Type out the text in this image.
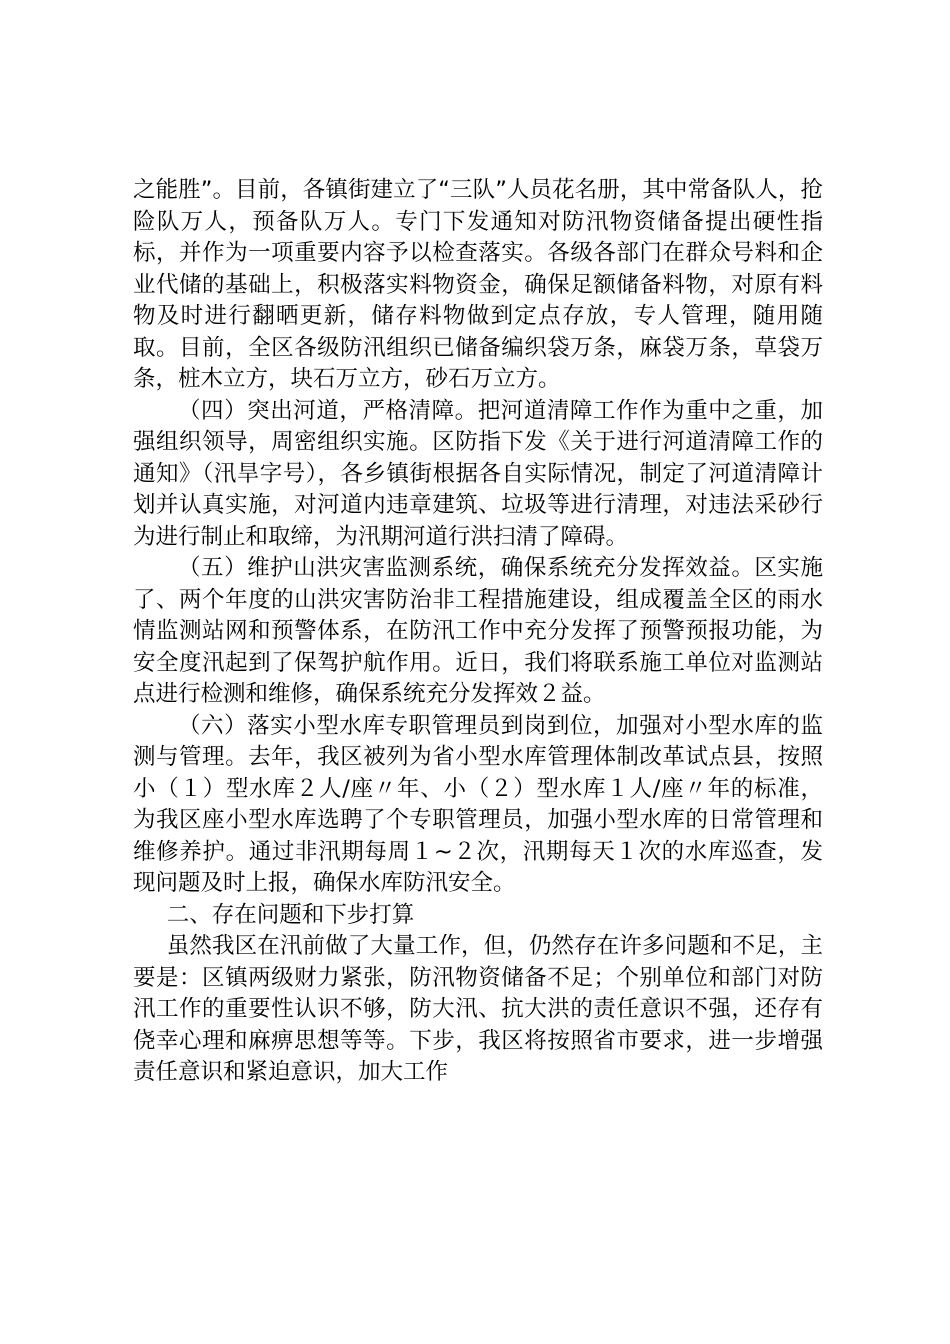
之能胜”。目前，各镇街建立了“三队”人员花名册，其中常备队人，抢险队万人，预备队万人。专门下发通知对防汛物资储备提出硬性指标，并作为一项重要内容予以检查落实。各级各部门在群众号料和企业代储的基础上，积极落实料物资金，确保足额储备料物，对原有料物及时进行翻晒更新，储存料物做到定点存放，专人管理，随用随取。目前，全区各级防汛组织已储备编织袋万条，麻袋万条，草袋万条，桩木立方，块石万立方，砂石万立方。

（四）突出河道，严格清障。把河道清障工作作为重中之重，加强组织领导，周密组织实施。区防指下发《关于进行河道清障工作的通知》（汛旱字号），各乡镇街根据各自实际情况，制定了河道清障计划并认真实施，对河道内违章建筑、垃圾等进行清理，对违法采砂行为进行制止和取缔，为汛期河道行洪扫清了障碍。

（五）维护山洪灾害监测系统，确保系统充分发挥效益。区实施了、两个年度的山洪灾害防治非工程措施建设，组成覆盖全区的雨水情监测站网和预警体系，在防汛工作中充分发挥了预警预报功能，为安全度汛起到了保驾护航作用。近日，我们将联系施工单位对监测站点进行检测和维修，确保系统充分发挥效２益。

（六）落实小型水库专职管理员到岗到位，加强对小型水库的监测与管理。去年，我区被列为省小型水库管理体制改革试点县，按照小（１）型水库２人/座〃年、小（２）型水库１人/座〃年的标准，为我区座小型水库选聘了个专职管理员，加强小型水库的日常管理和维修养护。通过非汛期每周１~２次，汛期每天１次的水库巡查，发现问题及时上报，确保水库防汛安全。

二、存在问题和下步打算

虽然我区在汛前做了大量工作，但，仍然存在许多问题和不足，主要是：区镇两级财力紧张，防汛物资储备不足；个别单位和部门对防汛工作的重要性认识不够，防大汛、抗大洪的责任意识不强，还存有侥幸心理和麻痹思想等等。下步，我区将按照省市要求，进一步增强责任意识和紧迫意识，加大工作
